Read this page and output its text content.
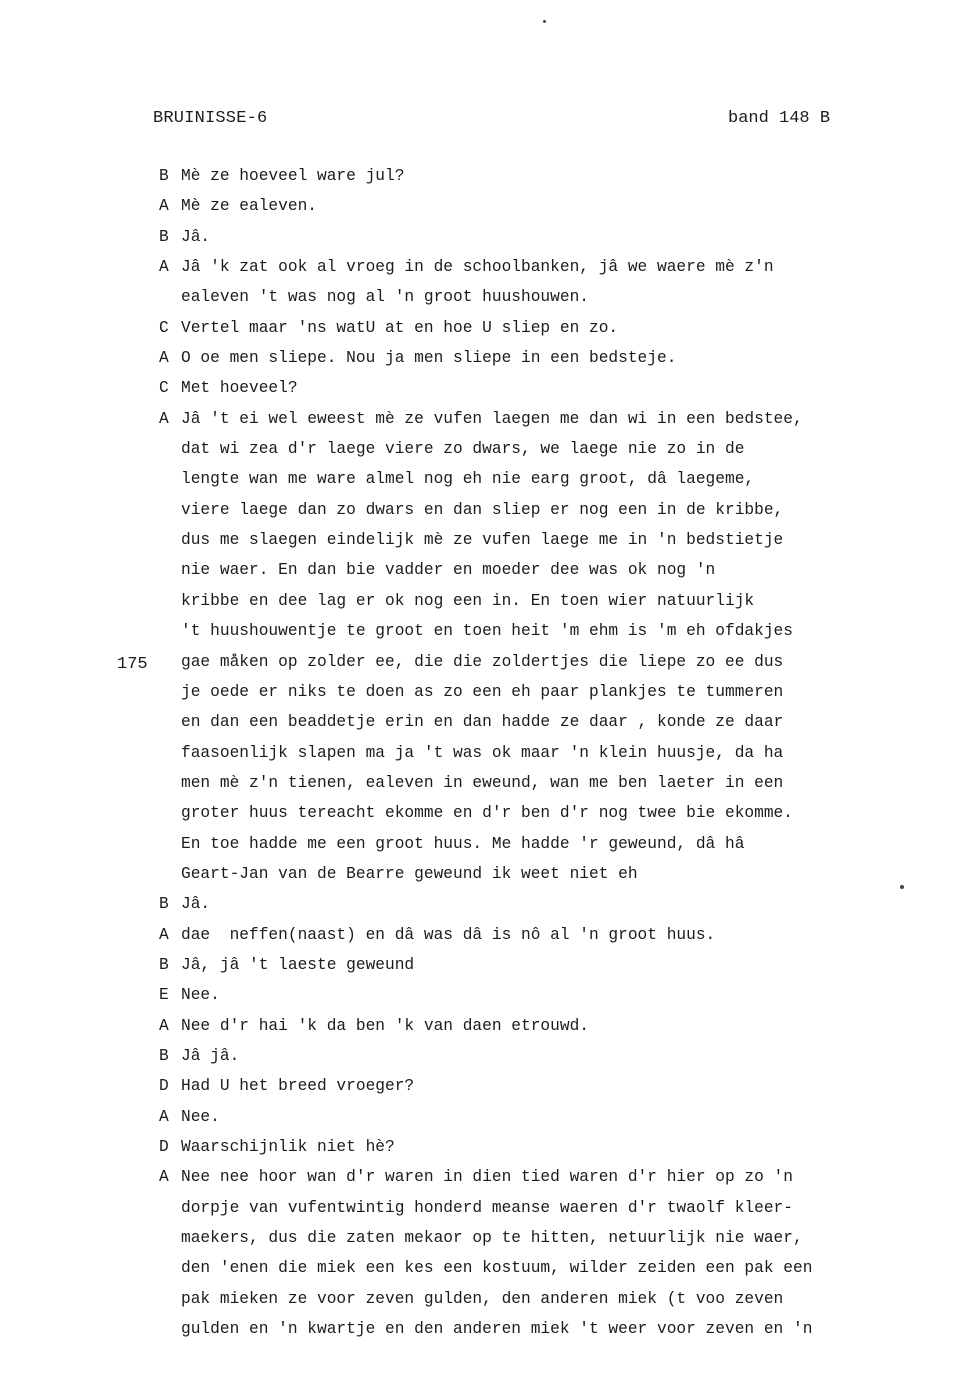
BRUINISSE-6	band 148 B
175
B Mè ze hoeveel ware jul?
A Mè ze ealeven.
B Jâ.
A Jâ 'k zat ook al vroeg in de schoolbanken, jâ we waere mè z'n
ealeven 't was nog al 'n groot huushouwen.
C Vertel maar 'ns watU at en hoe U sliep en zo.
A O oe men sliepe. Nou ja men sliepe in een bedsteje.
C Met hoeveel?
A Jâ 't ei wel eweest mè ze vufen laegen me dan wi in een bedstee,
dat wi zea d'r laege viere zo dwars, we laege nie zo in de
lengte wan me ware almel nog eh nie earg groot, dâ laegeme,
viere laege dan zo dwars en dan sliep er nog een in de kribbe,
dus me slaegen eindelijk mè ze vufen laege me in 'n bedstietje
nie waer. En dan bie vadder en moeder dee was ok nog 'n
kribbe en dee lag er ok nog een in. En toen wier natuurlijk
't huushouwentje te groot en toen heit 'm ehm is 'm eh ofdakjes
gae måken op zolder ee, die die zoldertjes die liepe zo ee dus
je oede er niks te doen as zo een eh paar plankjes te tummeren
en dan een beaddetje erin en dan hadde ze daar , konde ze daar
faasoenlijk slapen ma ja 't was ok maar 'n klein huusje, da ha
men mè z'n tienen, ealeven in eweund, wan me ben laeter in een
groter huus tereacht ekomme en d'r ben d'r nog twee bie ekomme.
En toe hadde me een groot huus. Me hadde 'r geweund, dâ hâ
Geart-Jan van de Bearre geweund ik weet niet eh
B Jâ.
A dae  neffen(naast) en dâ was dâ is nô al 'n groot huus.
B Jâ, jâ 't laeste geweund
E Nee.
A Nee d'r hai 'k da ben 'k van daen etrouwd.
B Jâ jâ.
D Had U het breed vroeger?
A Nee.
D Waarschijnlik niet hè?
A Nee nee hoor wan d'r waren in dien tied waren d'r hier op zo 'n
dorpje van vufentwintig honderd meanse waeren d'r twaolf kleer-
maekers, dus die zaten mekaor op te hitten, netuurlijk nie waer,
den 'enen die miek een kes een kostuum, wilder zeiden een pak een
pak mieken ze voor zeven gulden, den anderen miek (t voo zeven
gulden en 'n kwartje en den anderen miek 't weer voor zeven en 'n
